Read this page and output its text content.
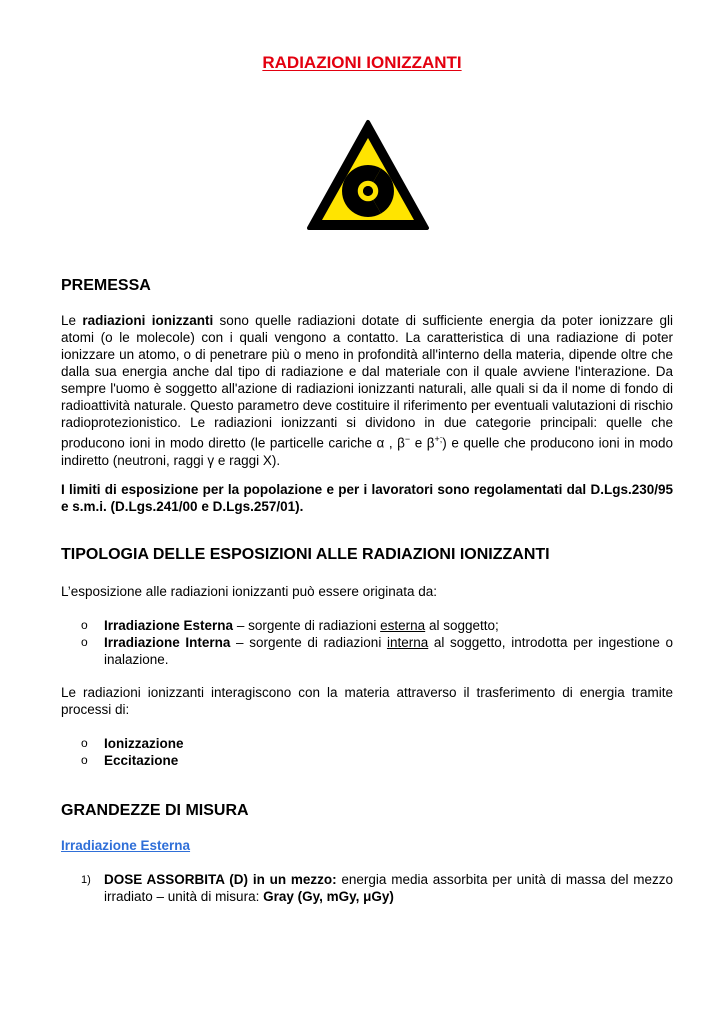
RADIAZIONI IONIZZANTI
PREMESSA

Le radiazioni ionizzanti sono quelle radiazioni dotate di sufficiente energia da poter ionizzare gli atomi (o le molecole) con i quali vengono a contatto. La caratteristica di una radiazione di poter ionizzare un atomo, o di penetrare più o meno in profondità all'interno della materia, dipende oltre che dalla sua energia anche dal tipo di radiazione e dal materiale con il quale avviene l'interazione. Da sempre l'uomo è soggetto all'azione di radiazioni ionizzanti naturali, alle quali si da il nome di fondo di radioattività naturale. Questo parametro deve costituire il riferimento per eventuali valutazioni di rischio radioprotezionistico. Le radiazioni ionizzanti si dividono in due categorie principali: quelle che producono ioni in modo diretto (le particelle cariche α , β− e β+;) e quelle che producono ioni in modo indiretto (neutroni, raggi γ e raggi X).

I limiti di esposizione per la popolazione e per i lavoratori sono regolamentati dal D.Lgs.230/95 e s.m.i. (D.Lgs.241/00 e D.Lgs.257/01).

TIPOLOGIA DELLE ESPOSIZIONI ALLE RADIAZIONI IONIZZANTI

L’esposizione alle radiazioni ionizzanti può essere originata da:

o Irradiazione Esterna – sorgente di radiazioni esterna al soggetto;
o Irradiazione Interna – sorgente di radiazioni interna al soggetto, introdotta per ingestione o inalazione.

Le radiazioni ionizzanti interagiscono con la materia attraverso il trasferimento di energia tramite processi di:

o Ionizzazione
o Eccitazione
GRANDEZZE DI MISURA
Irradiazione Esterna
1) DOSE ASSORBITA (D) in un mezzo: energia media assorbita per unità di massa del mezzo irradiato – unità di misura: Gray (Gy, mGy, μGy)
